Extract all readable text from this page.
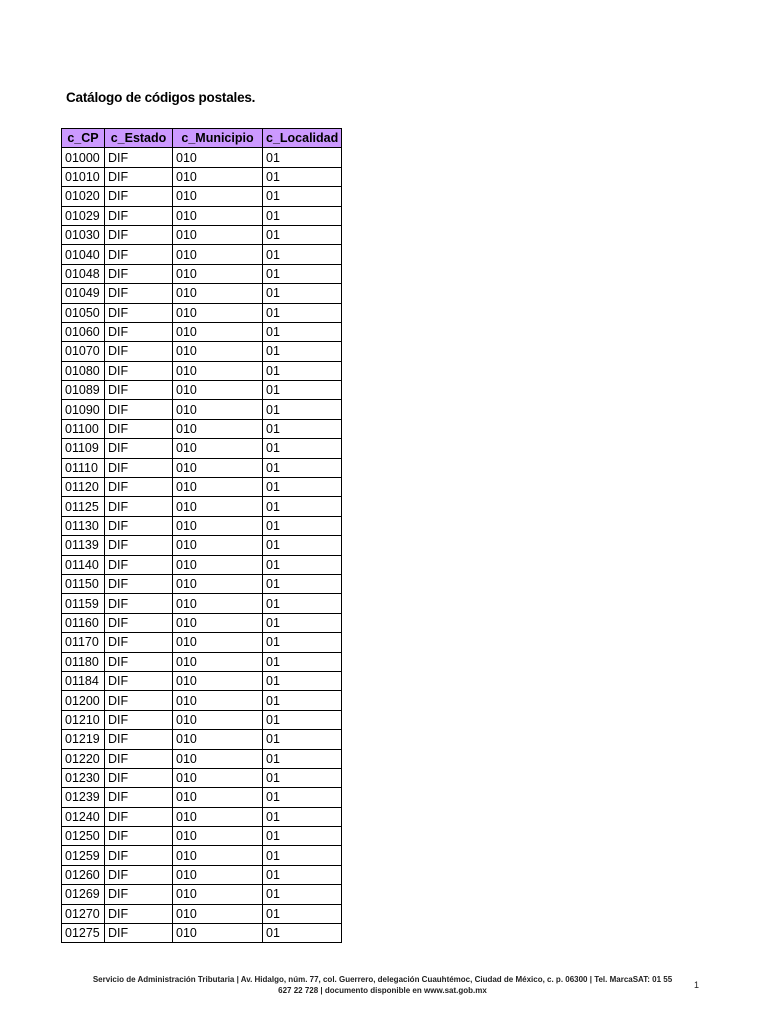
Catálogo de códigos postales.
c_CP	c_Estado	c_Municipio	c_Localidad
01000	DIF	010	01
01010	DIF	010	01
01020	DIF	010	01
01029	DIF	010	01
01030	DIF	010	01
01040	DIF	010	01
01048	DIF	010	01
01049	DIF	010	01
01050	DIF	010	01
01060	DIF	010	01
01070	DIF	010	01
01080	DIF	010	01
01089	DIF	010	01
01090	DIF	010	01
01100	DIF	010	01
01109	DIF	010	01
01110	DIF	010	01
01120	DIF	010	01
01125	DIF	010	01
01130	DIF	010	01
01139	DIF	010	01
01140	DIF	010	01
01150	DIF	010	01
01159	DIF	010	01
01160	DIF	010	01
01170	DIF	010	01
01180	DIF	010	01
01184	DIF	010	01
01200	DIF	010	01
01210	DIF	010	01
01219	DIF	010	01
01220	DIF	010	01
01230	DIF	010	01
01239	DIF	010	01
01240	DIF	010	01
01250	DIF	010	01
01259	DIF	010	01
01260	DIF	010	01
01269	DIF	010	01
01270	DIF	010	01
01275	DIF	010	01
Servicio de Administración Tributaria | Av. Hidalgo, núm. 77, col. Guerrero, delegación Cuauhtémoc, Ciudad de México, c. p. 06300 | Tel. MarcaSAT: 01 55
627 22 728 | documento disponible en www.sat.gob.mx
1
